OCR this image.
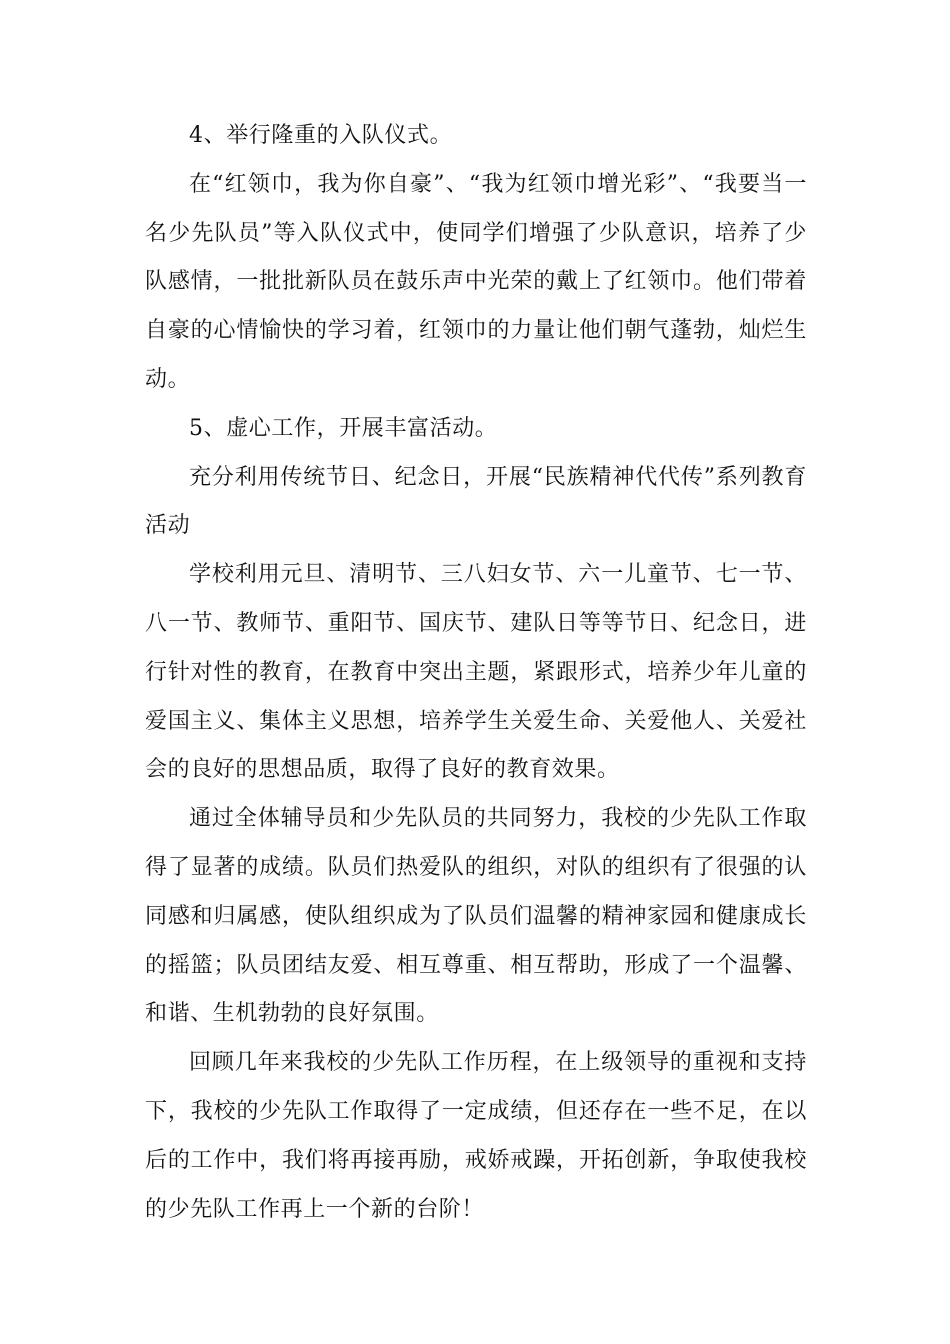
4、举行隆重的入队仪式。

在“红领巾，我为你自豪”、“我为红领巾增光彩”、“我要当一名少先队员”等入队仪式中，使同学们增强了少队意识，培养了少队感情，一批批新队员在鼓乐声中光荣的戴上了红领巾。他们带着自豪的心情愉快的学习着，红领巾的力量让他们朝气蓬勃，灿烂生动。

5、虚心工作，开展丰富活动。

充分利用传统节日、纪念日，开展“民族精神代代传”系列教育活动

学校利用元旦、清明节、三八妇女节、六一儿童节、七一节、八一节、教师节、重阳节、国庆节、建队日等等节日、纪念日，进行针对性的教育，在教育中突出主题，紧跟形式，培养少年儿童的爱国主义、集体主义思想，培养学生关爱生命、关爱他人、关爱社会的良好的思想品质，取得了良好的教育效果。

通过全体辅导员和少先队员的共同努力，我校的少先队工作取得了显著的成绩。队员们热爱队的组织，对队的组织有了很强的认同感和归属感，使队组织成为了队员们温馨的精神家园和健康成长的摇篮；队员团结友爱、相互尊重、相互帮助，形成了一个温馨、和谐、生机勃勃的良好氛围。

回顾几年来我校的少先队工作历程，在上级领导的重视和支持下，我校的少先队工作取得了一定成绩，但还存在一些不足，在以后的工作中，我们将再接再励，戒娇戒躁，开拓创新，争取使我校的少先队工作再上一个新的台阶！
